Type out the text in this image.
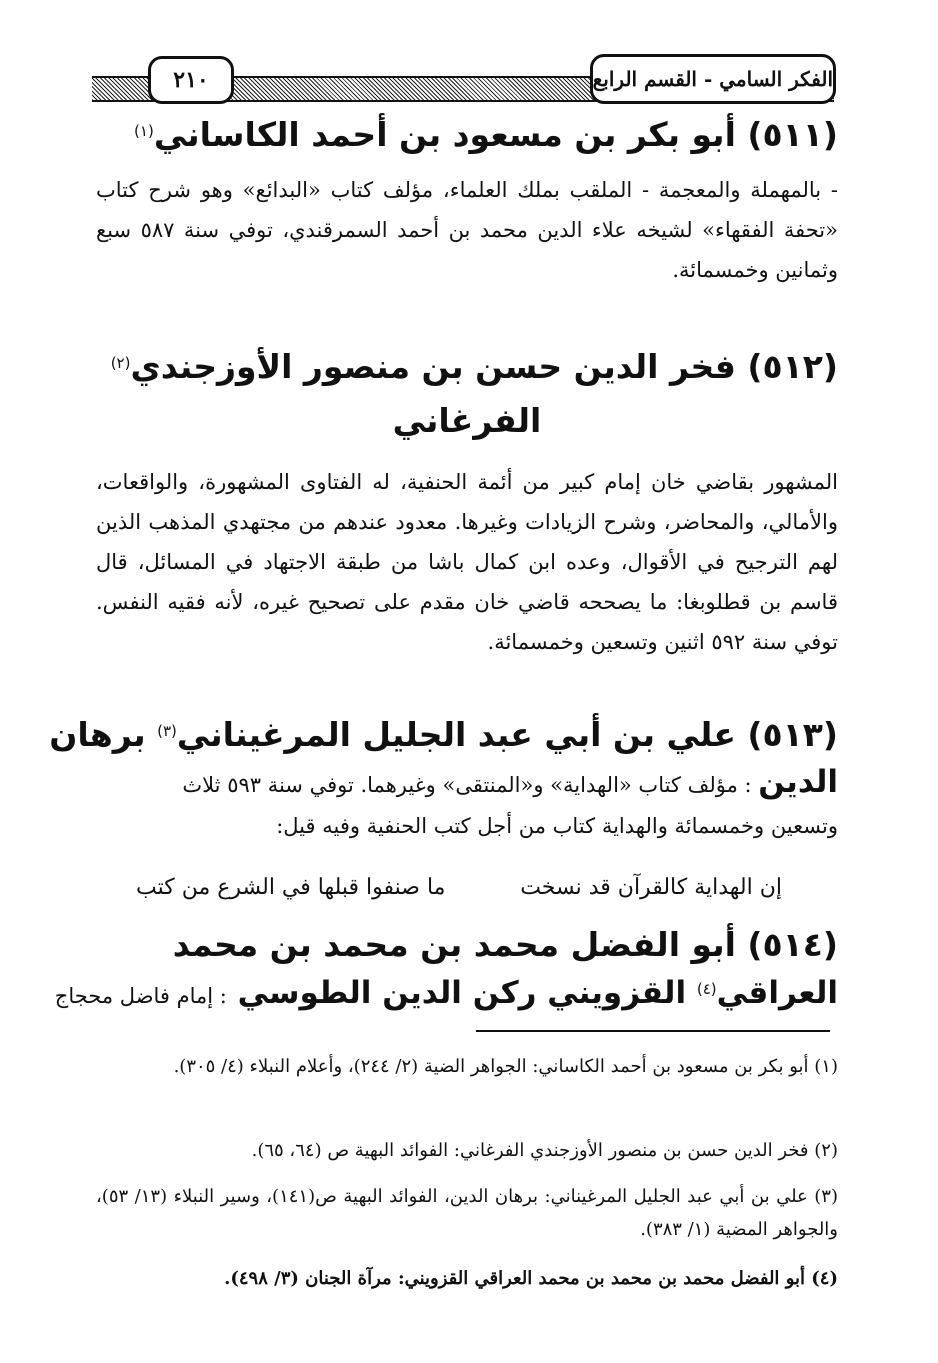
الفكر السامي - القسم الرابع
٢١٠
(٥١١) أبو بكر بن مسعود بن أحمد الكاساني$^{(١)}$
- بالمهملة والمعجمة - الملقب بملك العلماء، مؤلف كتاب «البدائع» وهو شرح كتاب «تحفة الفقهاء» لشيخه علاء الدين محمد بن أحمد السمرقندي، توفي سنة ٥٨٧ سبع وثمانين وخمسمائة.
(٥١٢) فخر الدين حسن بن منصور الأوزجندي$^{(٢)}$
الفرغاني
المشهور بقاضي خان إمام كبير من أئمة الحنفية، له الفتاوى المشهورة، والواقعات، والأمالي، والمحاضر، وشرح الزيادات وغيرها. معدود عندهم من مجتهدي المذهب الذين لهم الترجيح في الأقوال، وعده ابن كمال باشا من طبقة الاجتهاد في المسائل، قال قاسم بن قطلوبغا: ما يصححه قاضي خان مقدم على تصحيح غيره، لأنه فقيه النفس. توفي سنة ٥٩٢ اثنين وتسعين وخمسمائة.
(٥١٣) علي بن أبي عبد الجليل المرغيناني$^{(٣)}$ برهان
الدين : مؤلف كتاب «الهداية» و«المنتقى» وغيرهما. توفي سنة ٥٩٣ ثلاث
وتسعين وخمسمائة والهداية كتاب من أجل كتب الحنفية وفيه قيل:
إن الهداية كالقرآن قد نسخت
ما صنفوا قبلها في الشرع من كتب
(٥١٤) أبو الفضل محمد بن محمد بن محمد
العراقي$^{(٤)}$ القزويني ركن الدين الطوسي : إمام فاضل محجاج
(١) أبو بكر بن مسعود بن أحمد الكاساني: الجواهر الضية (٢/ ٢٤٤)، وأعلام النبلاء (٤/ ٣٠٥).
(٢) فخر الدين حسن بن منصور الأوزجندي الفرغاني: الفوائد البهية ص (٦٤، ٦٥).
(٣) علي بن أبي عبد الجليل المرغيناني: برهان الدين، الفوائد البهية ص(١٤١)، وسير النبلاء (١٣/ ٥٣)، والجواهر المضية (١/ ٣٨٣).
(٤) أبو الفضل محمد بن محمد بن محمد العراقي القزويني: مرآة الجنان (٣/ ٤٩٨).
